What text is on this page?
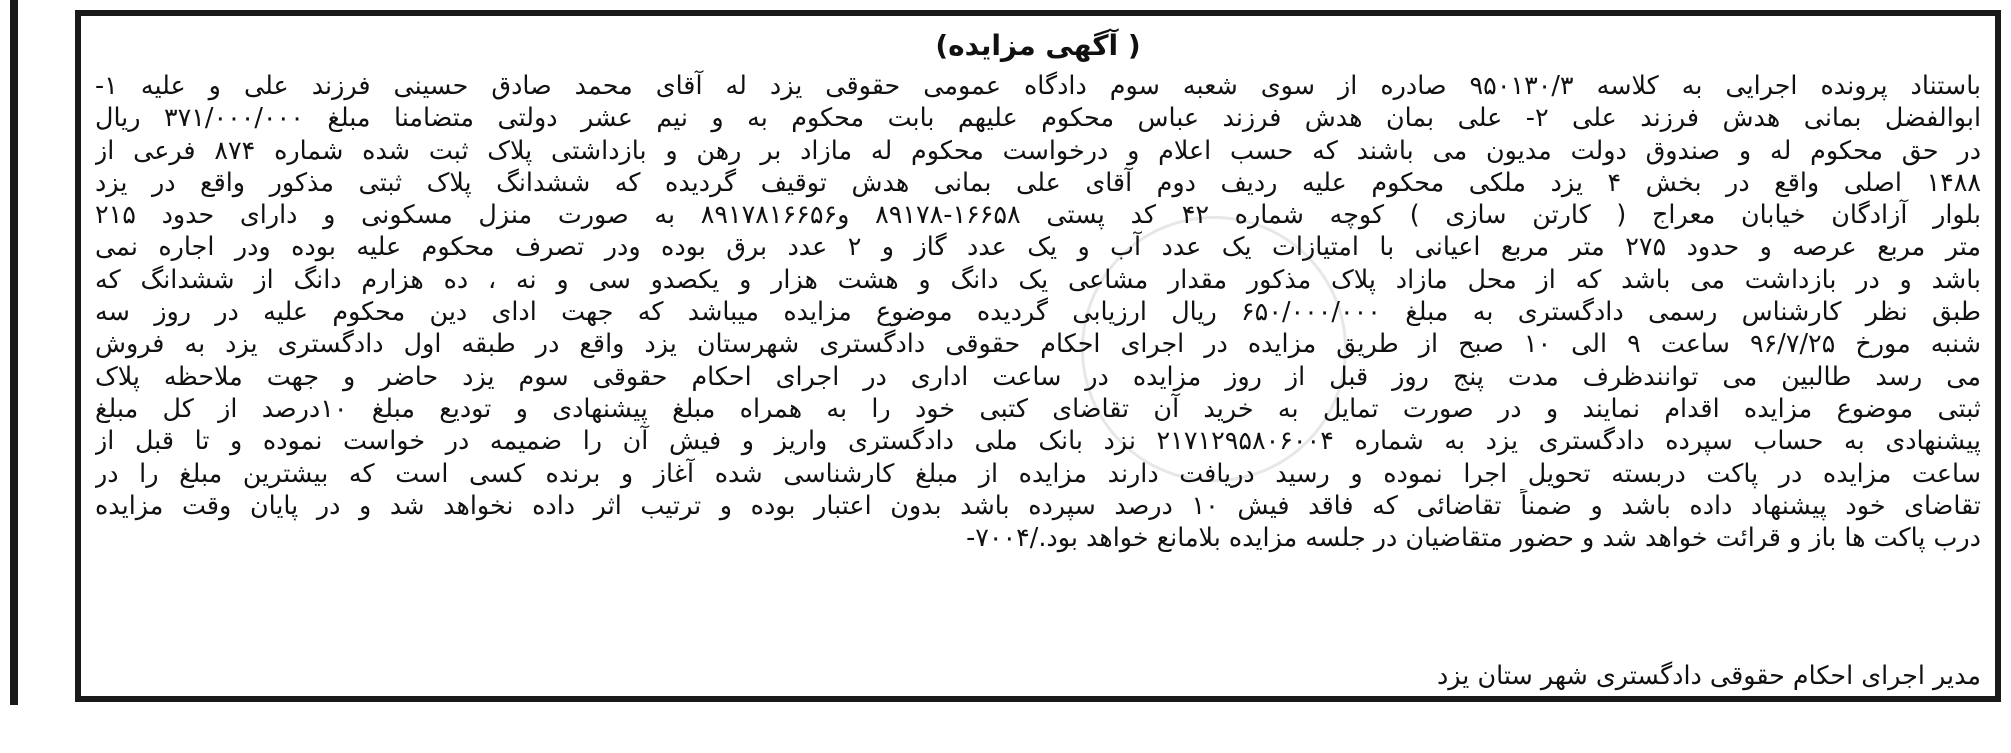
( آگهی مزایده)
باستناد پرونده اجرایی به کلاسه ۹۵۰۱۳۰/۳ صادره از سوی شعبه سوم دادگاه عمومی حقوقی یزد له آقای محمد صادق حسینی فرزند علی و علیه ۱-
ابوالفضل بمانی هدش فرزند علی ۲- علی بمان هدش فرزند عباس محکوم علیهم بابت محکوم به و نیم عشر دولتی متضامنا مبلغ ۳۷۱/۰۰۰/۰۰۰ ریال
در حق محکوم له و صندوق دولت مدیون می باشند که حسب اعلام و درخواست محکوم له مازاد بر رهن و بازداشتی پلاک ثبت شده شماره ۸۷۴ فرعی از
۱۴۸۸ اصلی واقع در بخش ۴ یزد ملکی محکوم علیه ردیف دوم آقای علی بمانی هدش توقیف گردیده که ششدانگ پلاک ثبتی مذکور واقع در یزد
بلوار آزادگان خیابان معراج ( کارتن سازی ) کوچه شماره ۴۲ کد پستی ۱۶۶۵۸-۸۹۱۷۸ و۸۹۱۷۸۱۶۶۵۶ به صورت منزل مسکونی و دارای حدود ۲۱۵
متر مربع عرصه و حدود ۲۷۵ متر مربع اعیانی با امتیازات یک عدد آب و یک عدد گاز و ۲ عدد برق بوده ودر تصرف محکوم علیه بوده ودر اجاره نمی
باشد و در بازداشت می باشد که از محل مازاد پلاک مذکور مقدار مشاعی یک دانگ و هشت هزار و یکصدو سی و نه ، ده هزارم دانگ از ششدانگ که
طبق نظر کارشناس رسمی دادگستری به مبلغ ۶۵۰/۰۰۰/۰۰۰ ریال ارزیابی گردیده موضوع مزایده میباشد که جهت ادای دین محکوم علیه در روز سه
شنبه مورخ ۹۶/۷/۲۵ ساعت ۹ الی ۱۰ صبح از طریق مزایده در اجرای احکام حقوقی دادگستری شهرستان یزد واقع در طبقه اول دادگستری یزد به فروش
می رسد طالبین می توانندظرف مدت پنج روز قبل از روز مزایده در ساعت اداری در اجرای احکام حقوقی سوم یزد حاضر و جهت ملاحظه پلاک
ثبتی موضوع مزایده اقدام نمایند و در صورت تمایل به خرید آن تقاضای کتبی خود را به همراه مبلغ پیشنهادی و تودیع مبلغ ۱۰درصد از کل مبلغ
پیشنهادی به حساب سپرده دادگستری یزد به شماره ۲۱۷۱۲۹۵۸۰۶۰۰۴ نزد بانک ملی دادگستری واریز و فیش آن را ضمیمه در خواست نموده و تا قبل از
ساعت مزایده در پاکت دربسته تحویل اجرا نموده و رسید دریافت دارند مزایده از مبلغ کارشناسی شده آغاز و برنده کسی است که بیشترین مبلغ را در
تقاضای خود پیشنهاد داده باشد و ضمناً تقاضائی که فاقد فیش ۱۰ درصد سپرده باشد بدون اعتبار بوده و ترتیب اثر داده نخواهد شد و در پایان وقت مزایده
درب پاکت ها باز و قرائت خواهد شد و حضور متقاضیان در جلسه مزایده بلامانع خواهد بود./۷۰۰۴-
مدیر اجرای احکام حقوقی دادگستری شهر ستان یزد
